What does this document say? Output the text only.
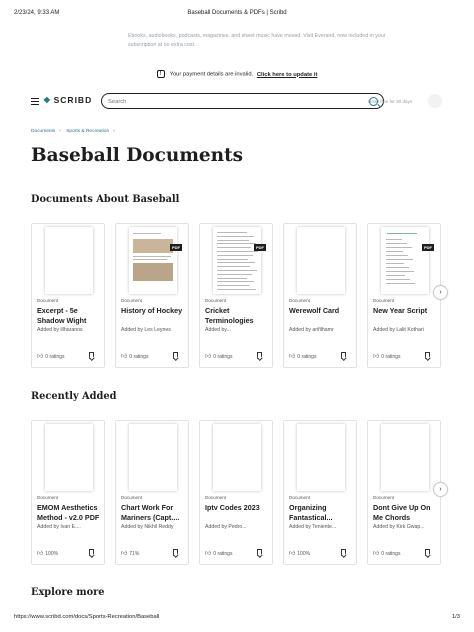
2/23/24, 9:33 AM	Baseball Documents & PDFs | Scribd
Ebooks, audiobooks, podcasts, magazines, and sheet music have moved. Visit Everand, now included in your subscription at no extra cost.
! Your payment details are invalid. Click here to update it
❖ SCRIBD
Search	Read free for 30 days
Documents › Sports & Recreation ›
Baseball Documents
Documents About Baseball
Document
Excerpt - 5e Shadow Wight
Added by illharanos
👍︎ 0 ratings
PDF
Document
History of Hockey
Added by Les Leynes
👍︎ 0 ratings
PDF
Document
Cricket Terminologies
Added by...
👍︎ 0 ratings
Document
Werewolf Card
Added by arifilhamr
👍︎ 0 ratings
PDF
Document
New Year Script
Added by Lalit Kothari
👍︎ 0 ratings
›
Recently Added
Document
EMOM Aesthetics Method - v2.0 PDF
Added by Ivan E....
👍︎ 100%
Document
Chart Work For Mariners (Capt....
Added by Nikhil Reddy
👍︎ 71%
Document
Iptv Codes 2023
Added by Pedro...
👍︎ 0 ratings
Document
Organizing Fantastical...
Added by Teniente...
👍︎ 100%
Document
Dont Give Up On Me Chords
Added by Kirk Gwap...
👍︎ 0 ratings
›
Explore more
https://www.scribd.com/docs/Sports-Recreation/Baseball	1/3
